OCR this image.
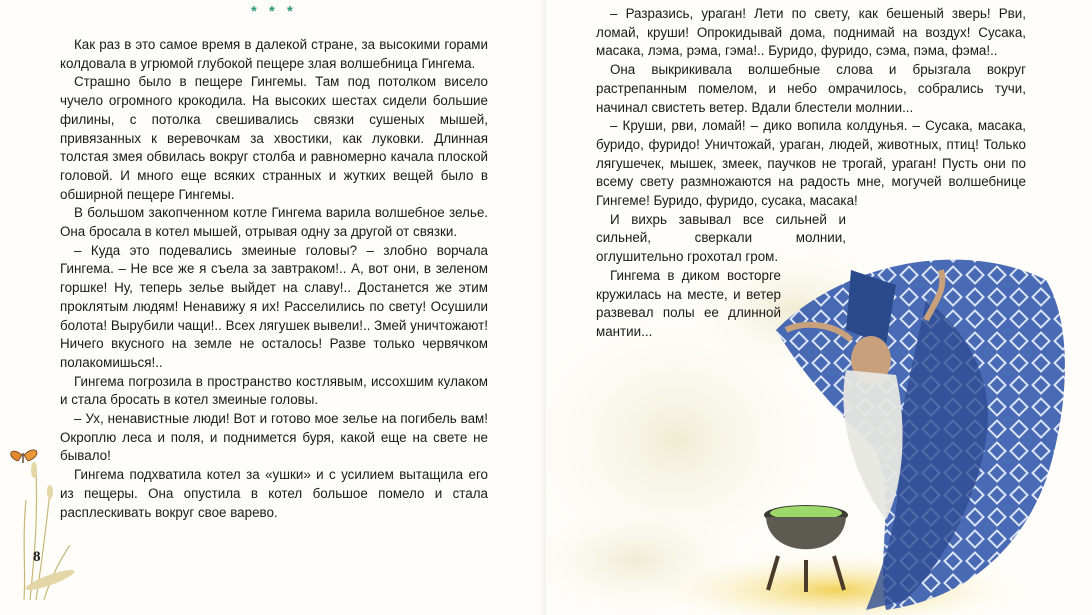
* * *

Как раз в это самое время в далекой стране, за высокими горами колдовала в угрюмой глубокой пещере злая волшебница Гингема.

Страшно было в пещере Гингемы. Там под потолком висело чучело огромного крокодила. На высоких шестах сидели большие филины, с потолка свешивались связки сушеных мышей, привязанных к веревочкам за хвостики, как луковки. Длинная толстая змея обвилась вокруг столба и равномерно качала плоской головой. И много еще всяких странных и жутких вещей было в обширной пещере Гингемы.

В большом закопченном котле Гингема варила волшебное зелье. Она бросала в котел мышей, отрывая одну за другой от связки.

– Куда это подевались змеиные головы? – злобно ворчала Гингема. – Не все же я съела за завтраком!.. А, вот они, в зеленом горшке! Ну, теперь зелье выйдет на славу!.. Достанется же этим проклятым людям! Ненавижу я их! Расселились по свету! Осушили болота! Вырубили чащи!.. Всех лягушек вывели!.. Змей уничтожают! Ничего вкусного на земле не осталось! Разве только червячком полакомишься!..

Гингема погрозила в пространство костлявым, иссохшим кулаком и стала бросать в котел змеиные головы.

– Ух, ненавистные люди! Вот и готово мое зелье на погибель вам! Окроплю леса и поля, и поднимется буря, какой еще на свете не бывало!

Гингема подхватила котел за «ушки» и с усилием вытащила его из пещеры. Она опустила в котел большое помело и стала расплескивать вокруг свое варево.

8

– Разразись, ураган! Лети по свету, как бешеный зверь! Рви, ломай, круши! Опрокидывай дома, поднимай на воздух! Сусака, масака, лэма, рэма, гэма!.. Буридо, фуридо, сэма, пэма, фэма!..

Она выкрикивала волшебные слова и брызгала вокруг растрепанным помелом, и небо омрачилось, собрались тучи, начинал свистеть ветер. Вдали блестели молнии...

– Круши, рви, ломай! – дико вопила колдунья. – Сусака, масака, буридо, фуридо! Уничтожай, ураган, людей, животных, птиц! Только лягушечек, мышек, змеек, паучков не трогай, ураган! Пусть они по всему свету размножаются на радость мне, могучей волшебнице Гингеме! Буридо, фуридо, сусака, масака!

И вихрь завывал все сильней и сильней, сверкали молнии, оглушительно грохотал гром.

Гингема в диком восторге кружилась на месте, и ветер развевал полы ее длинной мантии...
